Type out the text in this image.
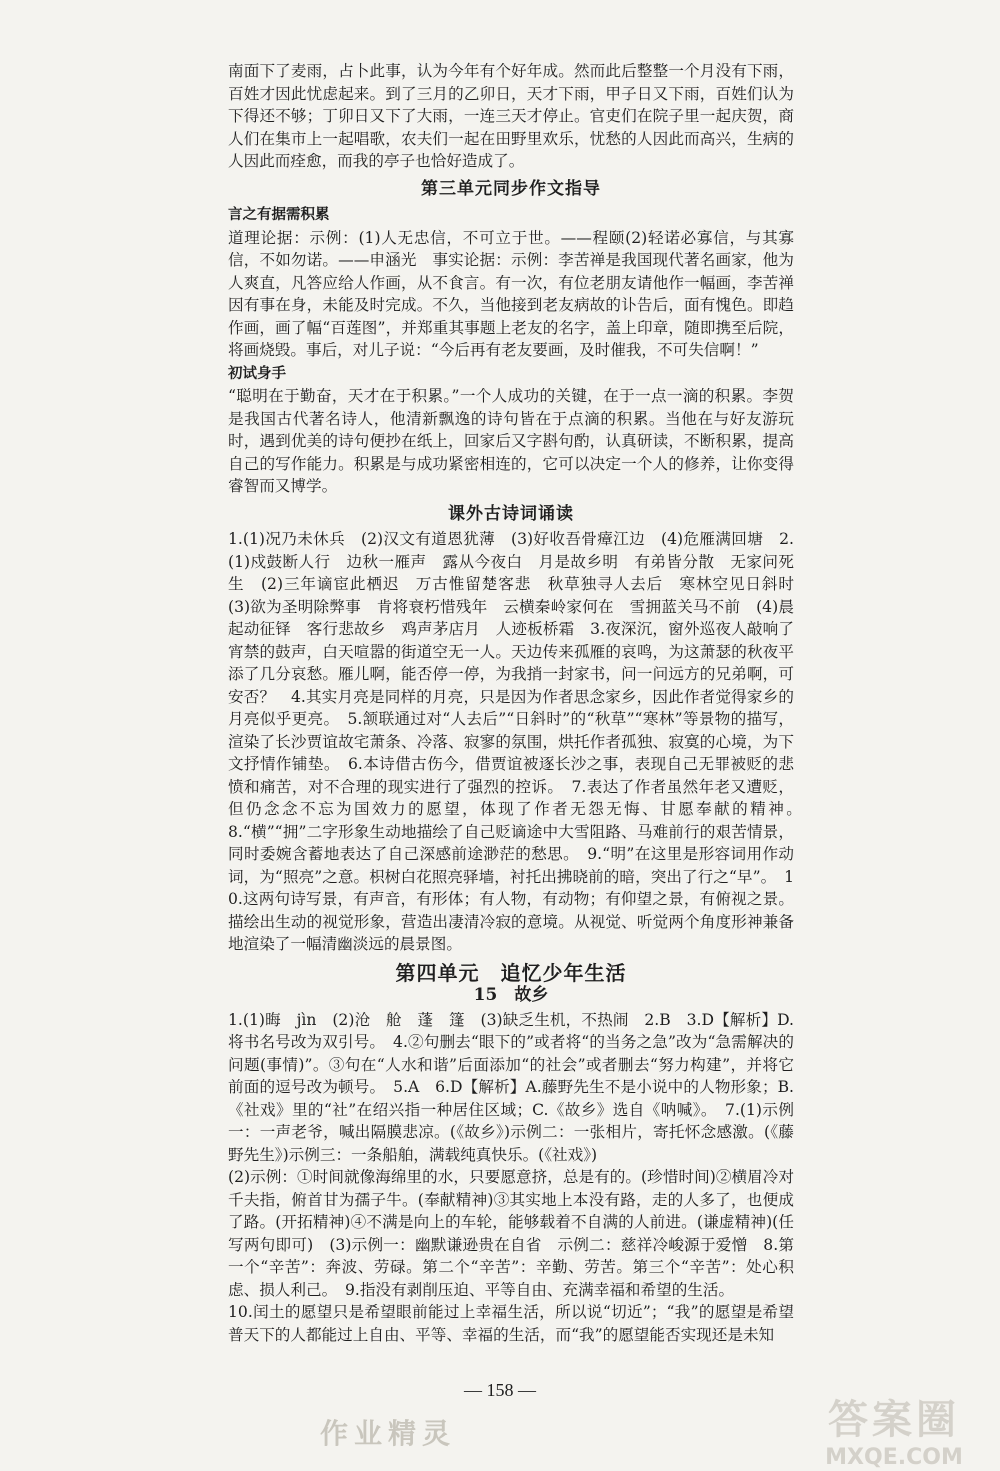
南面下了麦雨，占卜此事，认为今年有个好年成。然而此后整整一个月没有下雨，百姓才因此忧虑起来。到了三月的乙卯日，天才下雨，甲子日又下雨，百姓们认为下得还不够；丁卯日又下了大雨，一连三天才停止。官吏们在院子里一起庆贺，商人们在集市上一起唱歌，农夫们一起在田野里欢乐，忧愁的人因此而高兴，生病的人因此而痊愈，而我的亭子也恰好造成了。

第三单元同步作文指导

言之有据需积累

道理论据：示例：(1)人无忠信，不可立于世。——程颐(2)轻诺必寡信，与其寡信，不如勿诺。——申涵光　事实论据：示例：李苦禅是我国现代著名画家，他为人爽直，凡答应给人作画，从不食言。有一次，有位老朋友请他作一幅画，李苦禅因有事在身，未能及时完成。不久，当他接到老友病故的讣告后，面有愧色。即趋作画，画了幅“百莲图”，并郑重其事题上老友的名字，盖上印章，随即携至后院，将画烧毁。事后，对儿子说：“今后再有老友要画，及时催我，不可失信啊！”

初试身手

“聪明在于勤奋，天才在于积累。”一个人成功的关键，在于一点一滴的积累。李贺是我国古代著名诗人，他清新飘逸的诗句皆在于点滴的积累。当他在与好友游玩时，遇到优美的诗句便抄在纸上，回家后又字斟句酌，认真研读，不断积累，提高自己的写作能力。积累是与成功紧密相连的，它可以决定一个人的修养，让你变得睿智而又博学。

课外古诗词诵读

1.(1)况乃未休兵　(2)汉文有道恩犹薄　(3)好收吾骨瘴江边　(4)危雁满回塘　2.(1)戍鼓断人行　边秋一雁声　露从今夜白　月是故乡明　有弟皆分散　无家问死生　(2)三年谪宦此栖迟　万古惟留楚客悲　秋草独寻人去后　寒林空见日斜时　(3)欲为圣明除弊事　肯将衰朽惜残年　云横秦岭家何在　雪拥蓝关马不前　(4)晨起动征铎　客行悲故乡　鸡声茅店月　人迹板桥霜　3.夜深沉，窗外巡夜人敲响了宵禁的鼓声，白天喧嚣的街道空无一人。天边传来孤雁的哀鸣，为这萧瑟的秋夜平添了几分哀愁。雁儿啊，能否停一停，为我捎一封家书，问一问远方的兄弟啊，可安否？　4.其实月亮是同样的月亮，只是因为作者思念家乡，因此作者觉得家乡的月亮似乎更亮。　5.颔联通过对“人去后”“日斜时”的“秋草”“寒林”等景物的描写，渲染了长沙贾谊故宅萧条、冷落、寂寥的氛围，烘托作者孤独、寂寞的心境，为下文抒情作铺垫。　6.本诗借古伤今，借贾谊被逐长沙之事，表现自己无罪被贬的悲愤和痛苦，对不合理的现实进行了强烈的控诉。　7.表达了作者虽然年老又遭贬，但仍念念不忘为国效力的愿望，体现了作者无怨无悔、甘愿奉献的精神。　8.“横”“拥”二字形象生动地描绘了自己贬谪途中大雪阻路、马难前行的艰苦情景，同时委婉含蓄地表达了自己深感前途渺茫的愁思。　9.“明”在这里是形容词用作动词，为“照亮”之意。枳树白花照亮驿墙，衬托出拂晓前的暗，突出了行之“早”。　10.这两句诗写景，有声音，有形体；有人物，有动物；有仰望之景，有俯视之景。描绘出生动的视觉形象，营造出凄清冷寂的意境。从视觉、听觉两个角度形神兼备地渲染了一幅清幽淡远的晨景图。

第四单元　追忆少年生活
15　故乡

1.(1)晦　jìn　(2)沧　舱　蓬　篷　(3)缺乏生机，不热闹　2.B　3.D【解析】D.将书名号改为双引号。　4.②句删去“眼下的”或者将“的当务之急”改为“急需解决的问题(事情)”。③句在“人水和谐”后面添加“的社会”或者删去“努力构建”，并将它前面的逗号改为顿号。　5.A　6.D【解析】A.藤野先生不是小说中的人物形象；B.《社戏》里的“社”在绍兴指一种居住区域；C.《故乡》选自《呐喊》。　7.(1)示例一：一声老爷，喊出隔膜悲凉。(《故乡》)示例二：一张相片，寄托怀念感激。(《藤野先生》)示例三：一条船舶，满载纯真快乐。(《社戏》)

(2)示例：①时间就像海绵里的水，只要愿意挤，总是有的。(珍惜时间)②横眉冷对千夫指，俯首甘为孺子牛。(奉献精神)③其实地上本没有路，走的人多了，也便成了路。(开拓精神)④不满是向上的车轮，能够载着不自满的人前进。(谦虚精神)(任写两句即可)　(3)示例一：幽默谦逊贵在自省　示例二：慈祥冷峻源于爱憎　8.第一个“辛苦”：奔波、劳碌。第二个“辛苦”：辛勤、劳苦。第三个“辛苦”：处心积虑、损人利己。　9.指没有剥削压迫、平等自由、充满幸福和希望的生活。

10.闰土的愿望只是希望眼前能过上幸福生活，所以说“切近”；“我”的愿望是希望普天下的人都能过上自由、平等、幸福的生活，而“我”的愿望能否实现还是未知

— 158 —
作业精灵	答案圈
MXQE.COM
